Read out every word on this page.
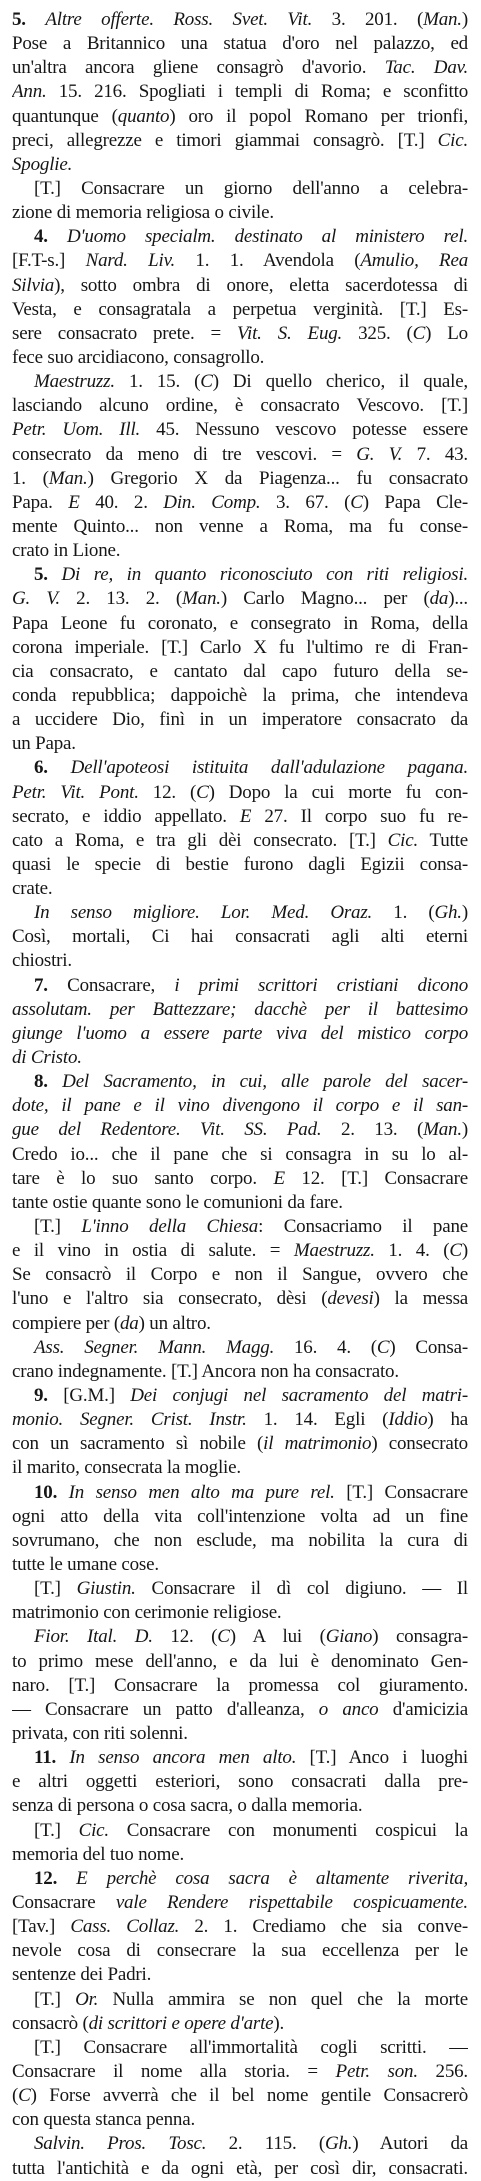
5. Altre offerte. Ross. Svet. Vit. 3. 201. (Man.)
Pose a Britannico una statua d'oro nel palazzo, ed
un'altra ancora gliene consagrò d'avorio. Tac. Dav.
Ann. 15. 216. Spogliati i templi di Roma; e sconfitto
quantunque (quanto) oro il popol Romano per trionfi,
preci, allegrezze e timori giammai consagrò. [T.] Cic.
Spoglie.
[T.] Consacrare un giorno dell'anno a celebra-
zione di memoria religiosa o civile.
4. D'uomo specialm. destinato al ministero rel.
[F.T-s.] Nard. Liv. 1. 1. Avendola (Amulio, Rea
Silvia), sotto ombra di onore, eletta sacerdotessa di
Vesta, e consagratala a perpetua verginità. [T.] Es-
sere consacrato prete. = Vit. S. Eug. 325. (C) Lo
fece suo arcidiacono, consagrollo.
Maestruzz. 1. 15. (C) Di quello cherico, il quale,
lasciando alcuno ordine, è consacrato Vescovo. [T.]
Petr. Uom. Ill. 45. Nessuno vescovo potesse essere
consecrato da meno di tre vescovi. = G. V. 7. 43.
1. (Man.) Gregorio X da Piagenza... fu consacrato
Papa. E 40. 2. Din. Comp. 3. 67. (C) Papa Cle-
mente Quinto... non venne a Roma, ma fu conse-
crato in Lione.
5. Di re, in quanto riconosciuto con riti religiosi.
G. V. 2. 13. 2. (Man.) Carlo Magno... per (da)...
Papa Leone fu coronato, e consegrato in Roma, della
corona imperiale. [T.] Carlo X fu l'ultimo re di Fran-
cia consacrato, e cantato dal capo futuro della se-
conda repubblica; dappoichè la prima, che intendeva
a uccidere Dio, finì in un imperatore consacrato da
un Papa.
6. Dell'apoteosi istituita dall'adulazione pagana.
Petr. Vit. Pont. 12. (C) Dopo la cui morte fu con-
secrato, e iddio appellato. E 27. Il corpo suo fu re-
cato a Roma, e tra gli dèi consecrato. [T.] Cic. Tutte
quasi le specie di bestie furono dagli Egizii consa-
crate.
In senso migliore. Lor. Med. Oraz. 1. (Gh.)
Così, mortali, Ci hai consacrati agli alti eterni
chiostri.
7. Consacrare, i primi scrittori cristiani dicono
assolutam. per Battezzare; dacchè per il battesimo
giunge l'uomo a essere parte viva del mistico corpo
di Cristo.
8. Del Sacramento, in cui, alle parole del sacer-
dote, il pane e il vino divengono il corpo e il san-
gue del Redentore. Vit. SS. Pad. 2. 13. (Man.)
Credo io... che il pane che si consagra in su lo al-
tare è lo suo santo corpo. E 12. [T.] Consacrare
tante ostie quante sono le comunioni da fare.
[T.] L'inno della Chiesa: Consacriamo il pane
e il vino in ostia di salute. = Maestruzz. 1. 4. (C)
Se consacrò il Corpo e non il Sangue, ovvero che
l'uno e l'altro sia consecrato, dèsi (devesi) la messa
compiere per (da) un altro.
Ass. Segner. Mann. Magg. 16. 4. (C) Consa-
crano indegnamente. [T.] Ancora non ha consacrato.
9. [G.M.] Dei conjugi nel sacramento del matri-
monio. Segner. Crist. Instr. 1. 14. Egli (Iddio) ha
con un sacramento sì nobile (il matrimonio) consecrato
il marito, consecrata la moglie.
10. In senso men alto ma pure rel. [T.] Consacrare
ogni atto della vita coll'intenzione volta ad un fine
sovrumano, che non esclude, ma nobilita la cura di
tutte le umane cose.
[T.] Giustin. Consacrare il dì col digiuno. — Il
matrimonio con cerimonie religiose.
Fior. Ital. D. 12. (C) A lui (Giano) consagra-
to primo mese dell'anno, e da lui è denominato Gen-
naro. [T.] Consacrare la promessa col giuramento.
— Consacrare un patto d'alleanza, o anco d'amicizia
privata, con riti solenni.
11. In senso ancora men alto. [T.] Anco i luoghi
e altri oggetti esteriori, sono consacrati dalla pre-
senza di persona o cosa sacra, o dalla memoria.
[T.] Cic. Consacrare con monumenti cospicui la
memoria del tuo nome.
12. E perchè cosa sacra è altamente riverita,
Consacrare vale Rendere rispettabile cospicuamente.
[Tav.] Cass. Collaz. 2. 1. Crediamo che sia conve-
nevole cosa di consecrare la sua eccellenza per le
sentenze dei Padri.
[T.] Or. Nulla ammira se non quel che la morte
consacrò (di scrittori e opere d'arte).
[T.] Consacrare all'immortalità cogli scritti. —
Consacrare il nome alla storia. = Petr. son. 256.
(C) Forse avverrà che il bel nome gentile Consacrerò
con questa stanca penna.
Salvin. Pros. Tosc. 2. 115. (Gh.) Autori da
tutta l'antichità e da ogni età, per così dir, consacrati.
